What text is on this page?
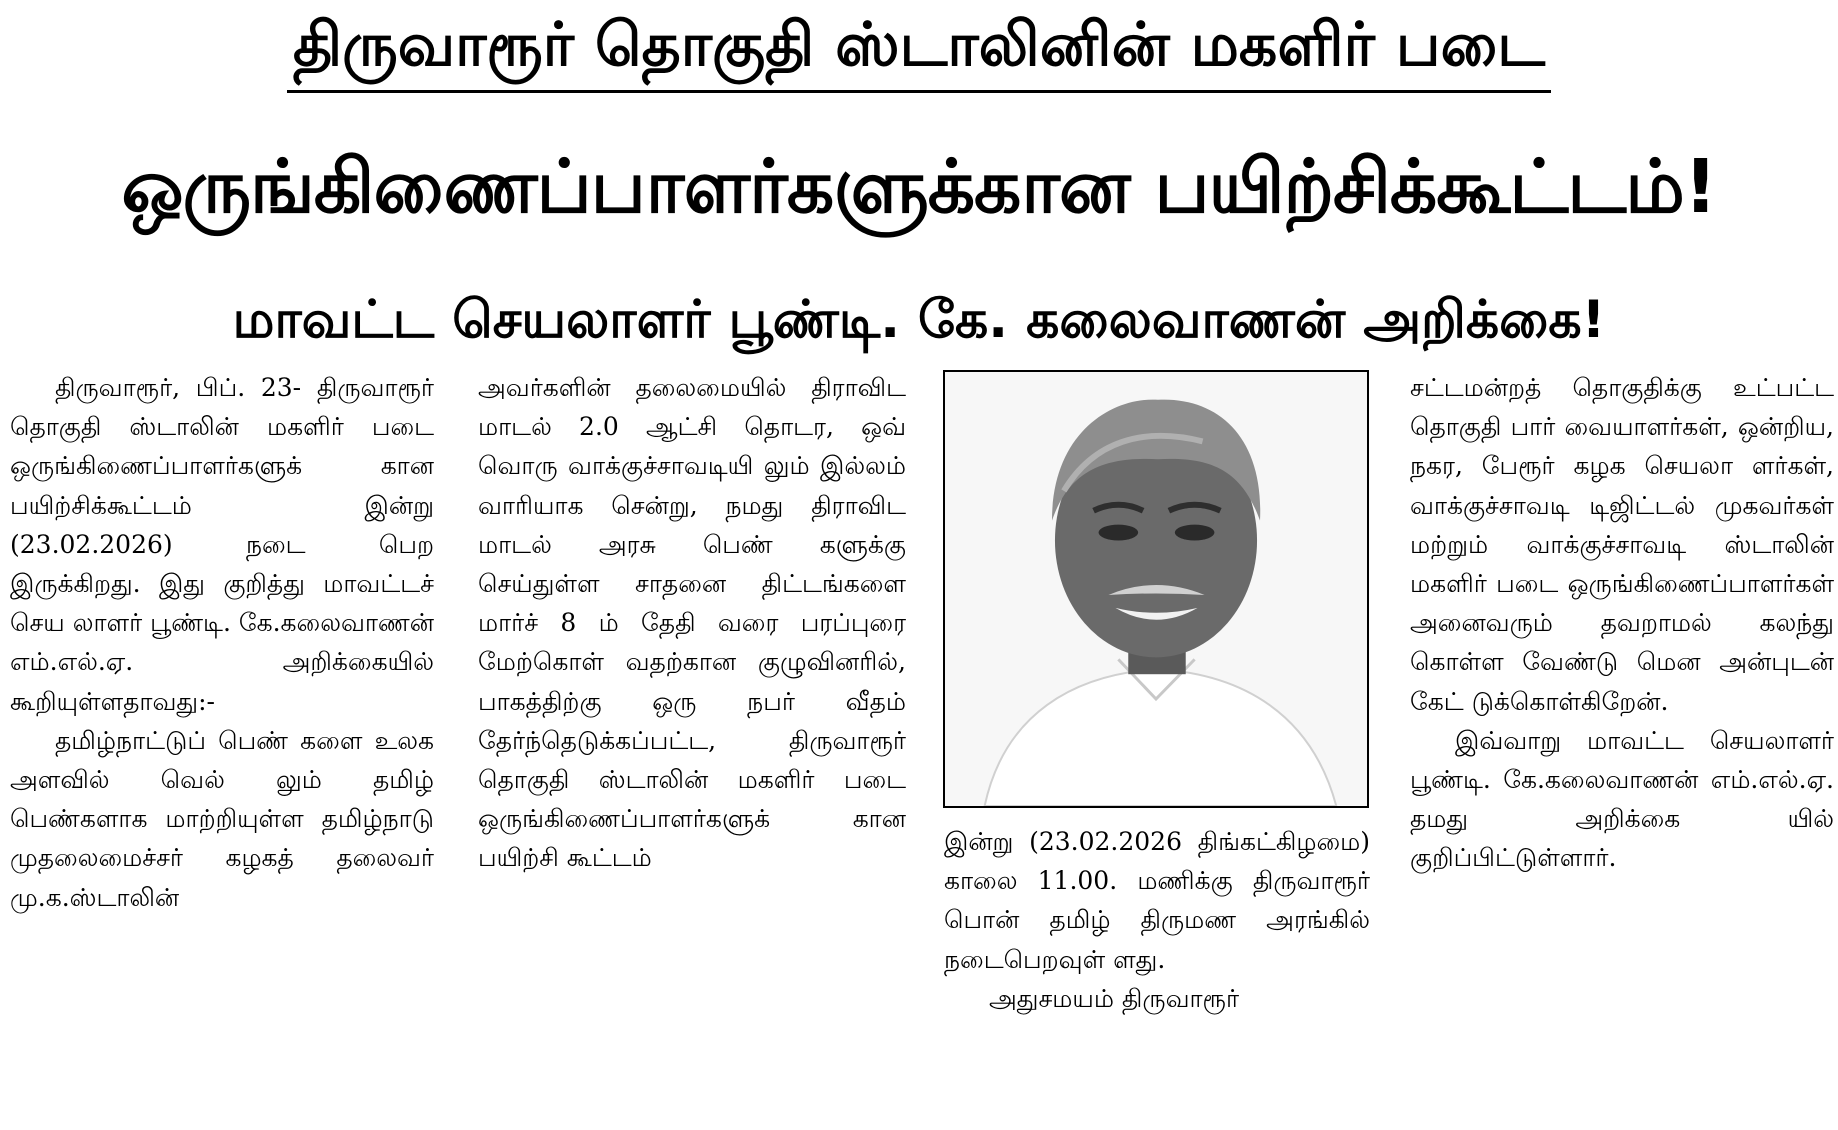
திருவாரூர் தொகுதி ஸ்டாலினின் மகளிர் படை
ஒருங்கிணைப்பாளர்களுக்கான பயிற்சிக்கூட்டம்!
மாவட்ட செயலாளர் பூண்டி. கே. கலைவாணன் அறிக்கை!

திருவாரூர், பிப். 23- திருவாரூர் தொகுதி ஸ்டாலின் மகளிர் படை ஒருங்கிணைப்பாளர்களுக் கான பயிற்சிக்கூட்டம் இன்று (23.02.2026) நடை பெற இருக்கிறது. இது குறித்து மாவட்டச் செய லாளர் பூண்டி. கே.கலைவாணன் எம்.எல்.ஏ. அறிக்கையில் கூறியுள்ளதாவது:-

தமிழ்நாட்டுப் பெண் களை உலக அளவில் வெல் லும் தமிழ் பெண்களாக மாற்றியுள்ள தமிழ்நாடு முதலைமைச்சர் கழகத் தலைவர் மு.க.ஸ்டாலின்

அவர்களின் தலைமையில் திராவிட மாடல் 2.0 ஆட்சி தொடர, ஒவ் வொரு வாக்குச்சாவடியி லும் இல்லம் வாரியாக சென்று, நமது திராவிட மாடல் அரசு பெண் களுக்கு செய்துள்ள சாதனை திட்டங்களை மார்ச் 8 ம் தேதி வரை பரப்புரை மேற்கொள் வதற்கான குழுவினரில், பாகத்திற்கு ஒரு நபர் வீதம் தேர்ந்தெடுக்கப்பட்ட, திருவாரூர் தொகுதி ஸ்டாலின் மகளிர் படை ஒருங்கிணைப்பாளர்களுக் கான பயிற்சி கூட்டம்

இன்று (23.02.2026 திங்கட்கிழமை) காலை 11.00. மணிக்கு திருவாரூர் பொன் தமிழ் திருமண அரங்கில் நடைபெறவுள் ளது.

அதுசமயம் திருவாரூர்

சட்டமன்றத் தொகுதிக்கு உட்பட்ட தொகுதி பார் வையாளர்கள், ஒன்றிய, நகர, பேரூர் கழக செயலா ளர்கள், வாக்குச்சாவடி டிஜிட்டல் முகவர்கள் மற்றும் வாக்குச்சாவடி ஸ்டாலின் மகளிர் படை ஒருங்கிணைப்பாளர்கள் அனைவரும் தவறாமல் கலந்து கொள்ள வேண்டு மென அன்புடன் கேட் டுக்கொள்கிறேன்.

இவ்வாறு மாவட்ட செயலாளர் பூண்டி. கே.கலைவாணன் எம்.எல்.ஏ. தமது அறிக்கை யில் குறிப்பிட்டுள்ளார்.
